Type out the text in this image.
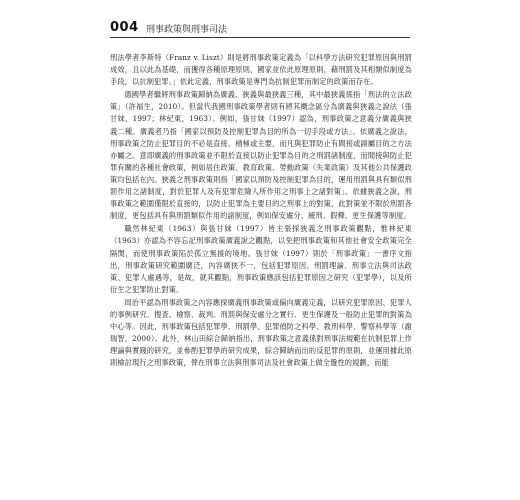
004 刑事政策與刑事司法

刑法學者李斯特（Franz v. Liszt）則是將刑事政策定義為「以科學方法研究犯罪原因與刑罰成效，且以此為基礎，而獲得各種原理原則，國家並依此原理原則，藉刑罰及其相類似制度為手段，以抗制犯罪。」依此定義，刑事政策是專門為抗制犯罪而制定的政策而存在。

德國學者繼將刑事政策歸納為廣義、狹義與最狹義三種，其中最狹義係指「刑法的立法政策」（許福生，2010）。但當代我國刑事政策學者則有將其概念區分為廣義與狹義之說法（張甘妹，1997；林紀東，1963）。例如，張甘妹（1997）認為，刑事政策之意義分廣義與狹義二種。廣義者乃指「國家以預防及控制犯罪為目的所為一切手段或方法」。依廣義之說法，刑事政策之防止犯罪目的不必是直接、積極或主要，而凡與犯罪防止有間接或副屬目的之方法亦屬之。意即廣義的刑事政策並不限於直接以防止犯罪為目的之刑罰諸制度，而間接與防止犯罪有關的各種社會政策，例如居住政策、教育政策、勞動政策（失業政策）及其他公共保護政策均包括在內。狹義之刑事政策則指「國家以預防及控制犯罪為目的，運用刑罰與具有類似刑罰作用之諸制度，對於犯罪人及有犯罪危險人所作用之刑事上之諸對策」。依據狹義之說，刑事政策之範圍僅限於直接的，以防止犯罪為主要目的之刑事上的對策，此對策並不限於刑罰各制度，更包括具有與刑罰類似作用的諸制度，例如保安處分、緩刑、假釋、更生保護等制度。

職然林紀東（1963）與張甘妹（1997）皆主張採狹義之刑事政策觀點，惟林紀東（1963）亦認為不容忘記刑事政策廣義說之觀點，以免把刑事政策和其他社會安全政策完全隔閡，而使刑事政策陷於孤立無援的境地。張甘妹（1997）則於「刑事政策」一書序文指出，刑事政策研究範圍廣泛，內容廣狹不一，包括犯罪原因、刑罰理論、刑事立法與司法政策、犯罪人處遇等，是故，就其觀點，刑事政策應該包括犯罪原因之研究（犯罪學），以及所衍生之犯罪防止對策。

周治平認為刑事政策之內容應採廣義刑事政策或偏向廣義定義，以研究犯罪原因、犯罪人的事例研究、搜查、檢察、裁判、刑罰與保安處分之實行、更生保護及一般防止犯罪的對策為中心等。因此，刑事政策包括犯罪學、刑罰學、犯罪偵防之科學、教刑科學、警察科學等（謝瑞智，2000）。此外，林山田綜合歸納指出，刑事政策之意義係對刑事法規範在抗制犯罪上作理論與實踐的研究，並參酌犯罪學的研究成果，綜合歸納而出的反犯罪的原則，並運用據此原則檢討現行之刑事政策，俾在刑事立法與刑事司法及社會政策上做全盤性的規劃，而能
